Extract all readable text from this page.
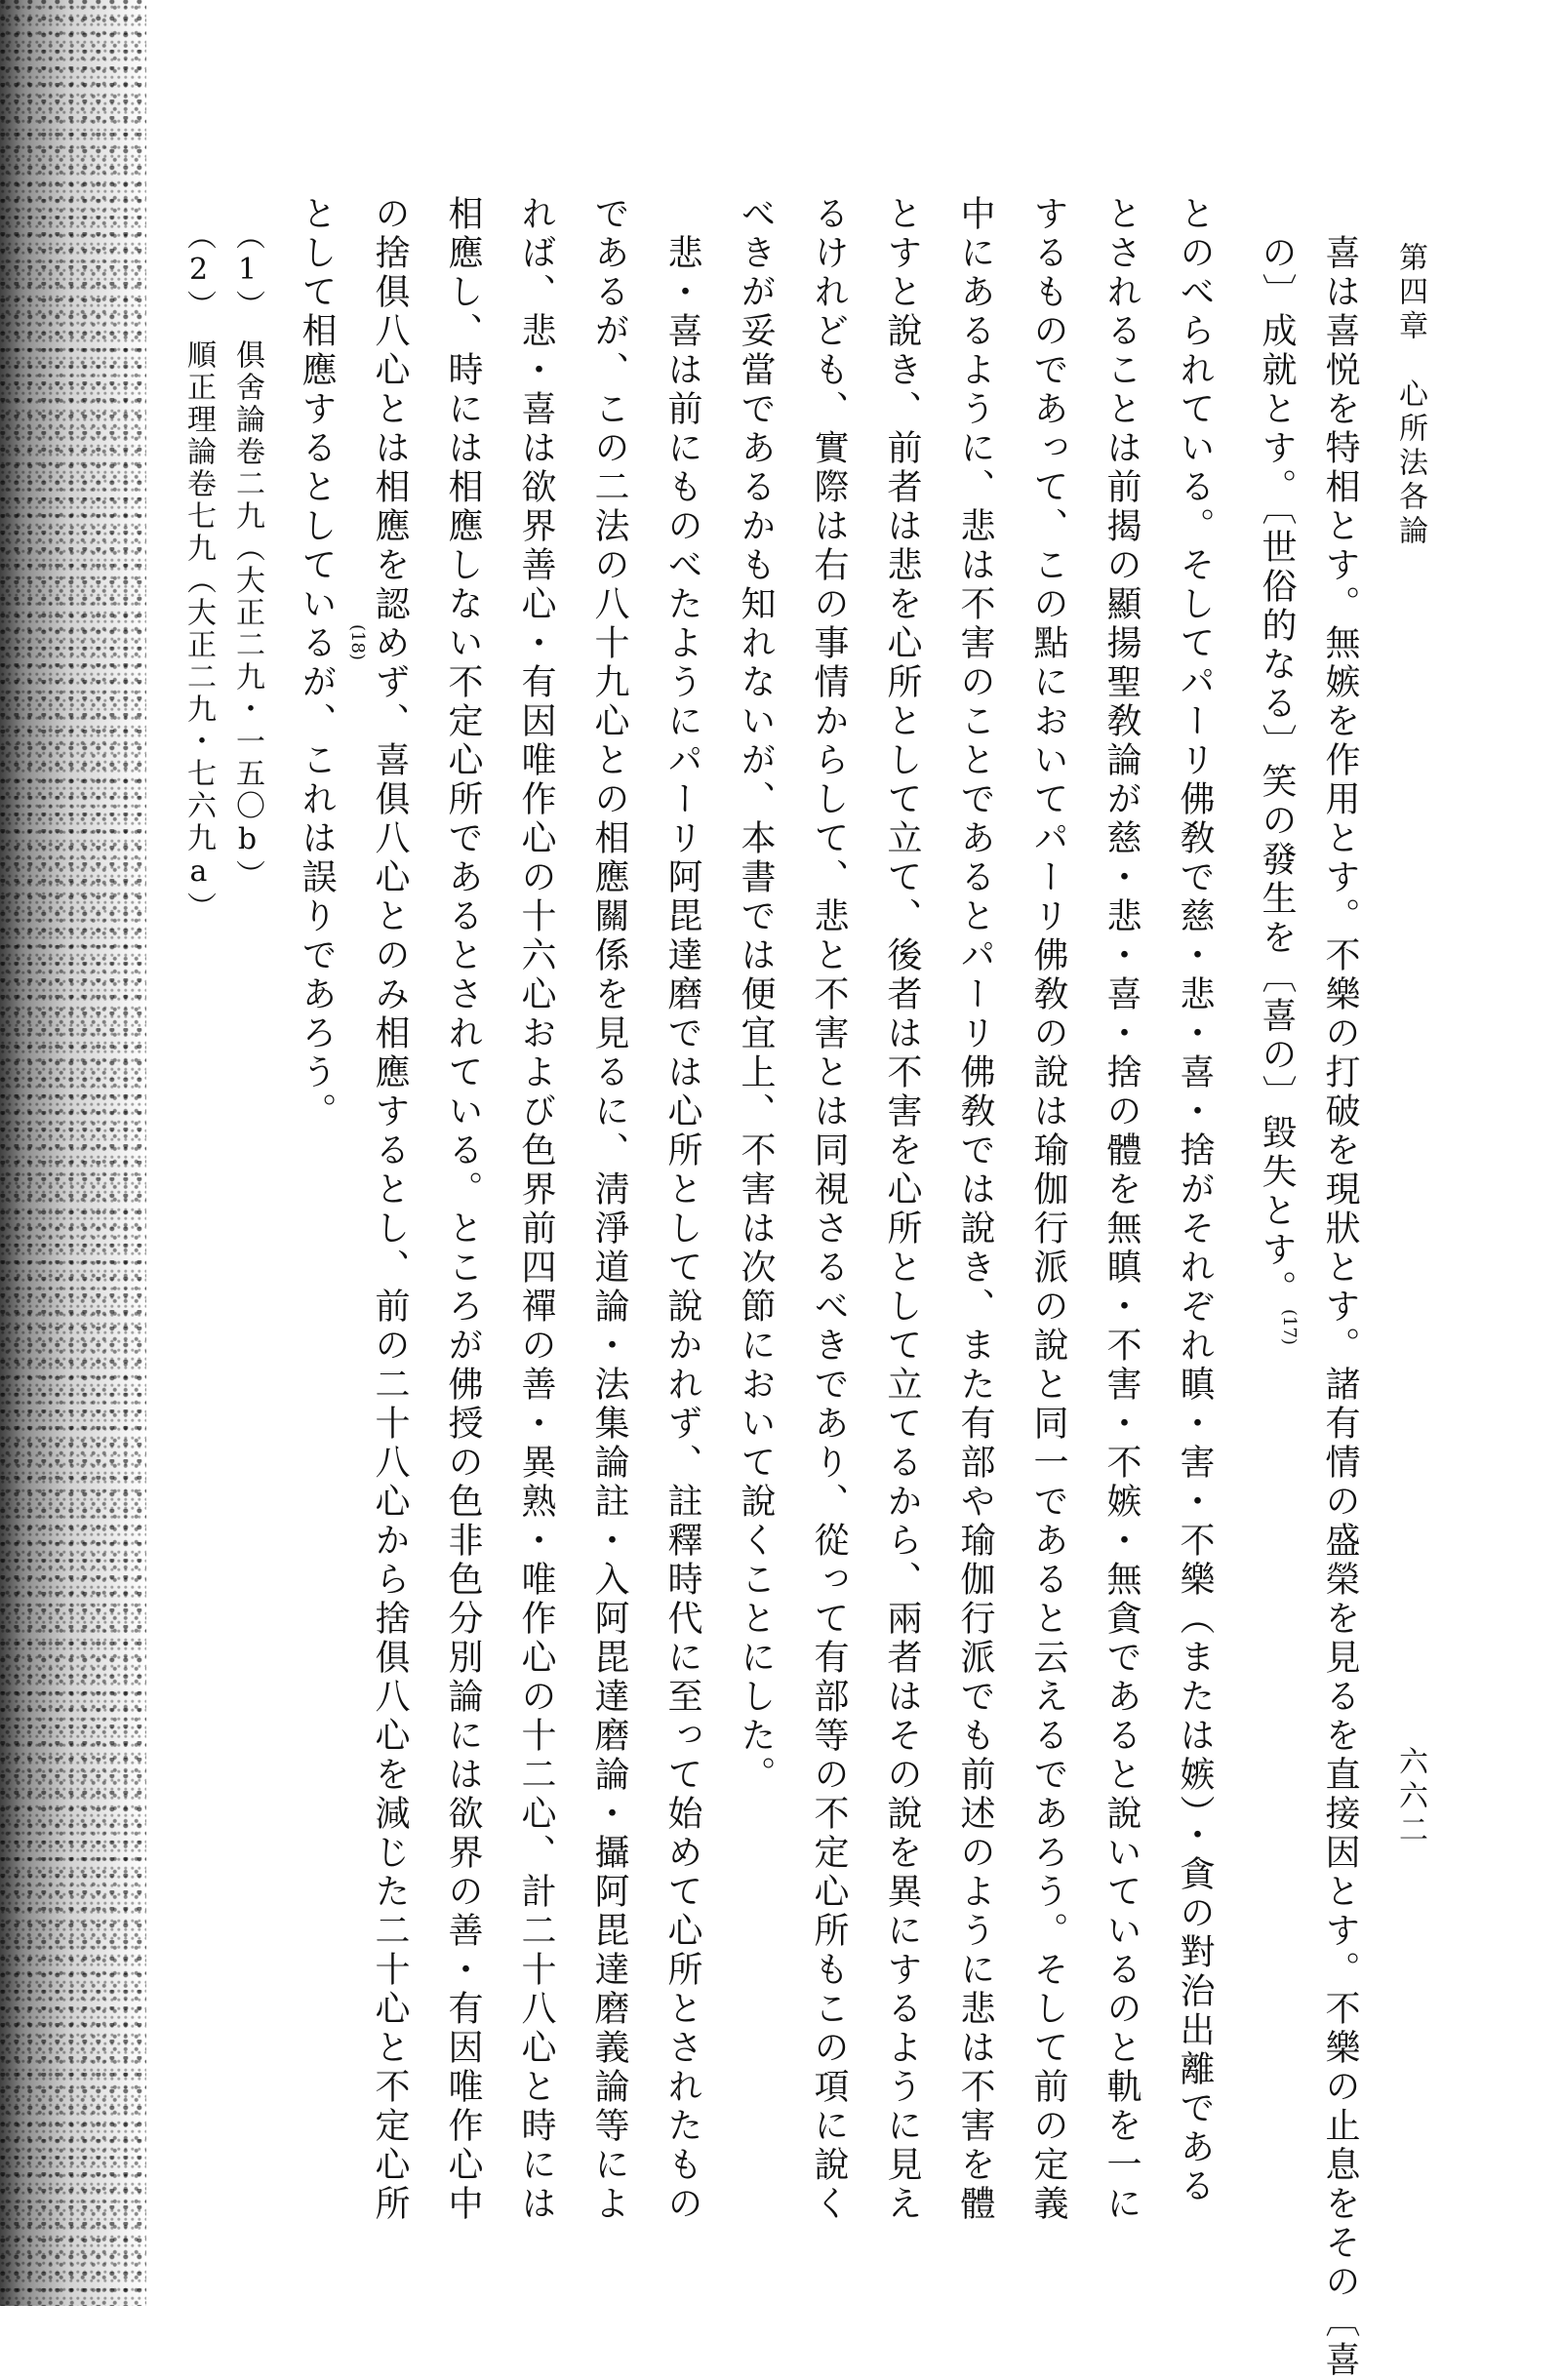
第四章　心所法各論
六六二
喜は喜悦を特相とす。無嫉を作用とす。不樂の打破を現狀とす。諸有情の盛榮を見るを直接因とす。不樂の止息をその〔喜
の〕成就とす。〔世俗的なる〕笑の發生を〔喜の〕毀失とす。$^{(17)}$
とのべられている。そしてパーリ佛敎で慈・悲・喜・捨がそれぞれ瞋・害・不樂（または嫉）・貪の對治出離である
とされることは前揭の顯揚聖敎論が慈・悲・喜・捨の體を無瞋・不害・不嫉・無貪であると說いているのと軌を一に
するものであって、この點においてパーリ佛敎の說は瑜伽行派の說と同一であると云えるであろう。そして前の定義
中にあるように、悲は不害のことであるとパーリ佛敎では說き、また有部や瑜伽行派でも前述のように悲は不害を體
とすと說き、前者は悲を心所として立て、後者は不害を心所として立てるから、兩者はその說を異にするように見え
るけれども、實際は右の事情からして、悲と不害とは同視さるべきであり、從って有部等の不定心所もこの項に說く
べきが妥當であるかも知れないが、本書では便宜上、不害は次節において說くことにした。
悲・喜は前にものべたようにパーリ阿毘達磨では心所として說かれず、註釋時代に至って始めて心所とされたもの
であるが、この二法の八十九心との相應關係を見るに、淸淨道論・法集論註・入阿毘達磨論・攝阿毘達磨義論等によ
れば、悲・喜は欲界善心・有因唯作心の十六心および色界前四禪の善・異熟・唯作心の十二心、計二十八心と時には
相應し、時には相應しない不定心所であるとされている。ところが佛授の色非色分別論には欲界の善・有因唯作心中
の捨俱八心とは相應を認めず、喜俱八心とのみ相應するとし、前の二十八心から捨俱八心を減じた二十心と不定心所
として相應するとしているが、これは誤りであろう。 $^{(18)}$
（1）　俱舍論卷二九（大正二九・一五〇b）
（2）　順正理論卷七九（大正二九・七六九a）
